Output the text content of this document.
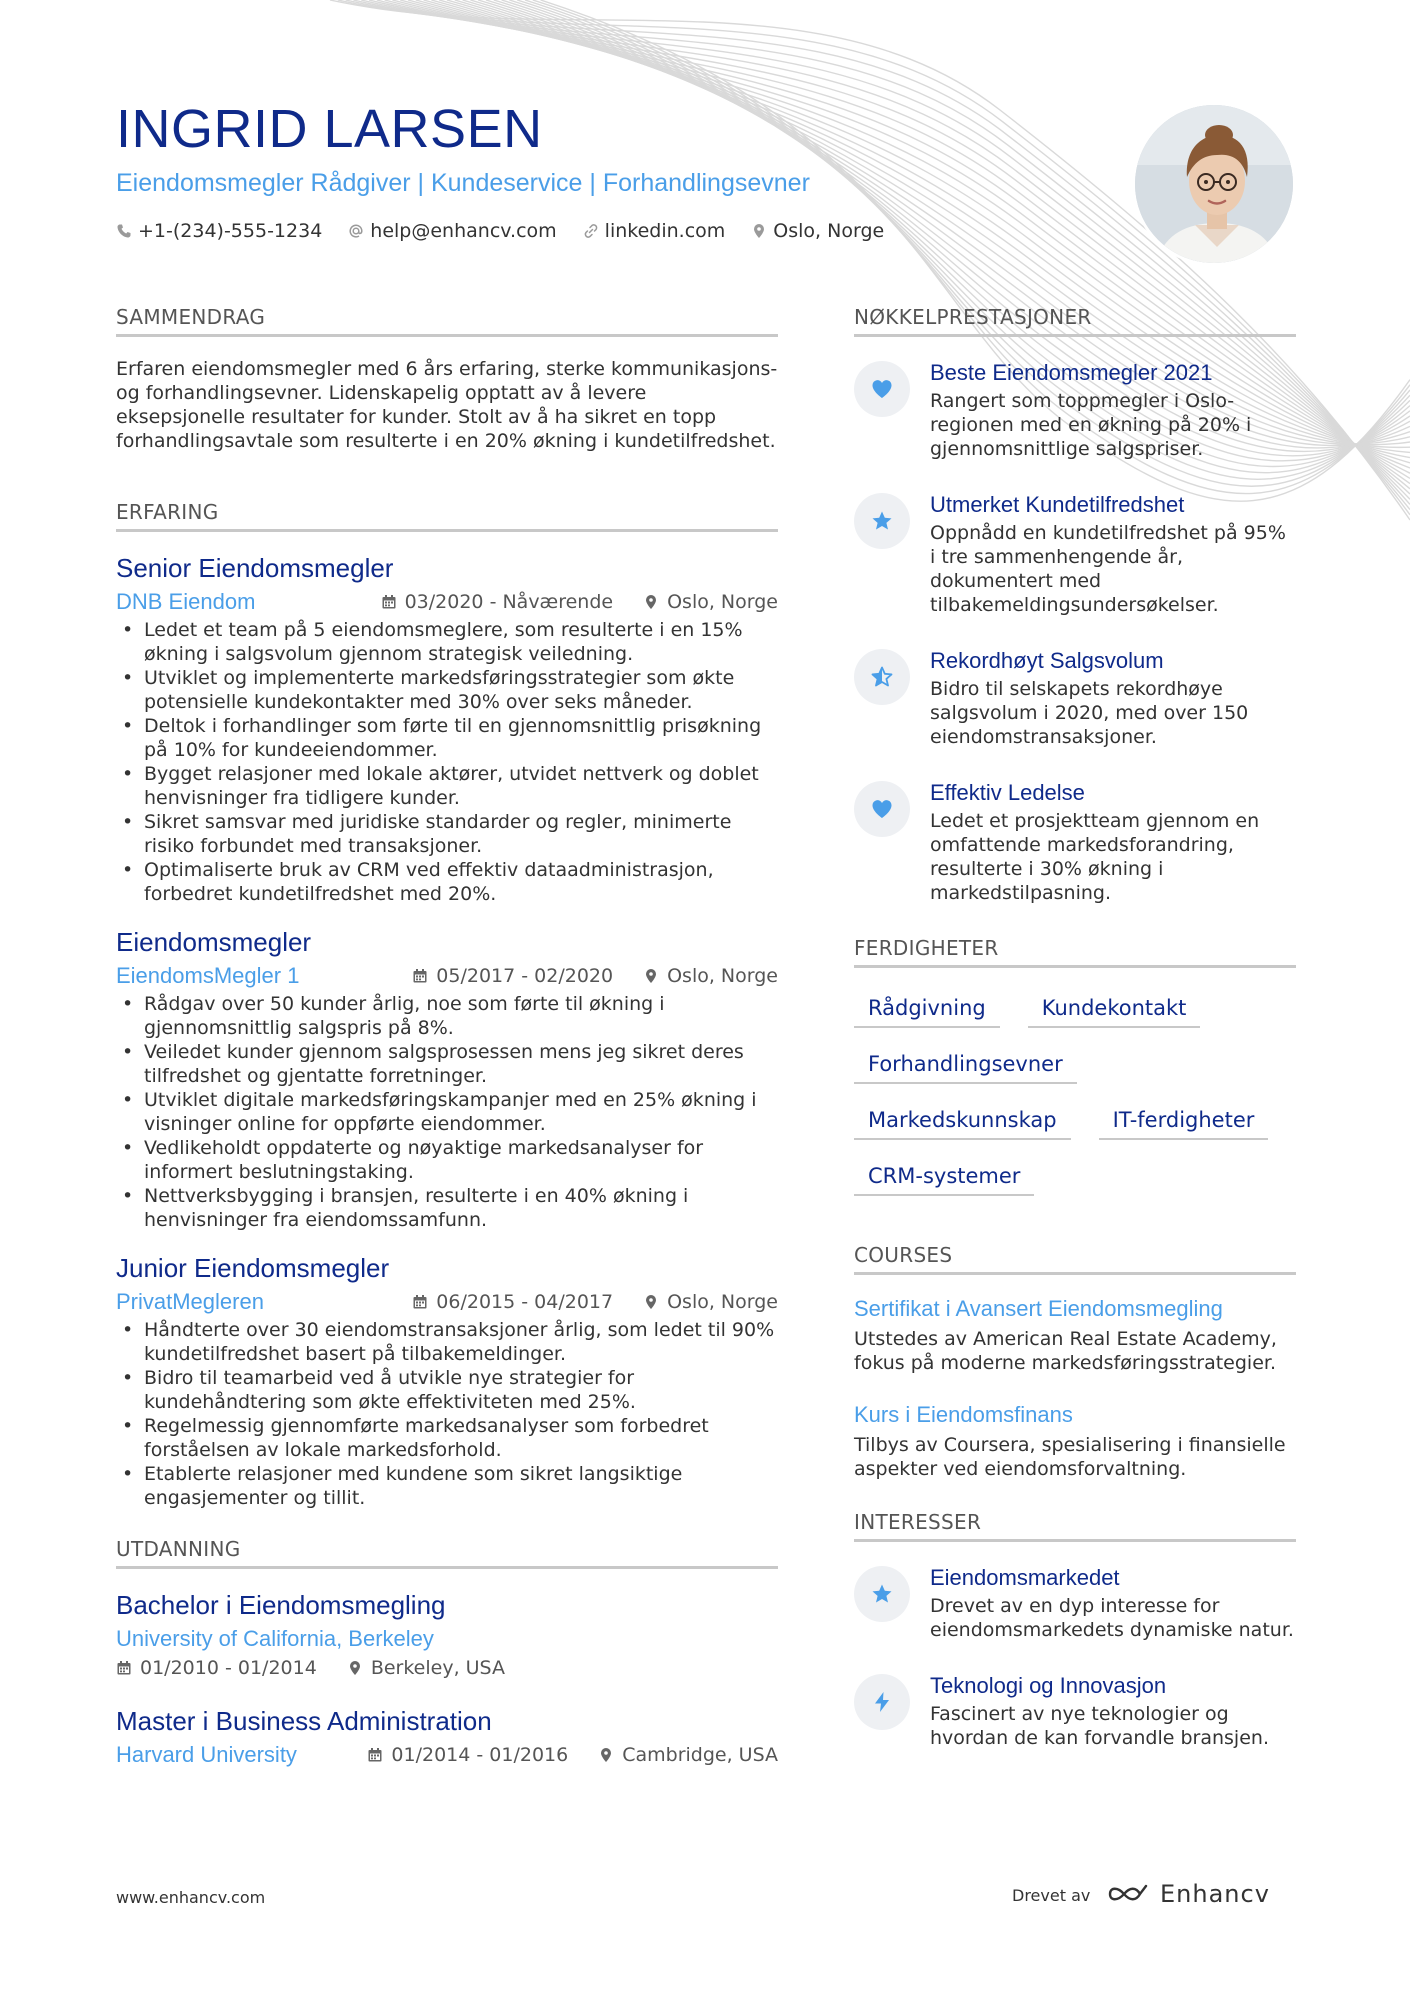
INGRID LARSEN
Eiendomsmegler Rådgiver | Kundeservice | Forhandlingsevner
+1-(234)-555-1234	help@enhancv.com	linkedin.com	Oslo, Norge
SAMMENDRAG

Erfaren eiendomsmegler med 6 års erfaring, sterke kommunikasjons- og forhandlingsevner. Lidenskapelig opptatt av å levere eksepsjonelle resultater for kunder. Stolt av å ha sikret en topp forhandlingsavtale som resulterte i en 20% økning i kundetilfredshet.

ERFARING
Senior Eiendomsmegler
DNB Eiendom	03/2020 - Nåværende	Oslo, Norge
• Ledet et team på 5 eiendomsmeglere, som resulterte i en 15% økning i salgsvolum gjennom strategisk veiledning.
• Utviklet og implementerte markedsføringsstrategier som økte potensielle kundekontakter med 30% over seks måneder.
• Deltok i forhandlinger som førte til en gjennomsnittlig prisøkning på 10% for kundeeiendommer.
• Bygget relasjoner med lokale aktører, utvidet nettverk og doblet henvisninger fra tidligere kunder.
• Sikret samsvar med juridiske standarder og regler, minimerte risiko forbundet med transaksjoner.
• Optimaliserte bruk av CRM ved effektiv dataadministrasjon, forbedret kundetilfredshet med 20%.
Eiendomsmegler
EiendomsMegler 1	05/2017 - 02/2020	Oslo, Norge
• Rådgav over 50 kunder årlig, noe som førte til økning i gjennomsnittlig salgspris på 8%.
• Veiledet kunder gjennom salgsprosessen mens jeg sikret deres tilfredshet og gjentatte forretninger.
• Utviklet digitale markedsføringskampanjer med en 25% økning i visninger online for oppførte eiendommer.
• Vedlikeholdt oppdaterte og nøyaktige markedsanalyser for informert beslutningstaking.
• Nettverksbygging i bransjen, resulterte i en 40% økning i henvisninger fra eiendomssamfunn.
Junior Eiendomsmegler
PrivatMegleren	06/2015 - 04/2017	Oslo, Norge
• Håndterte over 30 eiendomstransaksjoner årlig, som ledet til 90% kundetilfredshet basert på tilbakemeldinger.
• Bidro til teamarbeid ved å utvikle nye strategier for kundehåndtering som økte effektiviteten med 25%.
• Regelmessig gjennomførte markedsanalyser som forbedret forståelsen av lokale markedsforhold.
• Etablerte relasjoner med kundene som sikret langsiktige engasjementer og tillit.
UTDANNING
Bachelor i Eiendomsmegling
University of California, Berkeley
01/2010 - 01/2014	Berkeley, USA
Master i Business Administration
Harvard University	01/2014 - 01/2016	Cambridge, USA
NØKKELPRESTASJONER
Beste Eiendomsmegler 2021
Rangert som toppmegler i Oslo-regionen med en økning på 20% i gjennomsnittlige salgspriser.
Utmerket Kundetilfredshet
Oppnådd en kundetilfredshet på 95% i tre sammenhengende år, dokumentert med tilbakemeldingsundersøkelser.
Rekordhøyt Salgsvolum
Bidro til selskapets rekordhøye salgsvolum i 2020, med over 150 eiendomstransaksjoner.
Effektiv Ledelse
Ledet et prosjektteam gjennom en omfattende markedsforandring, resulterte i 30% økning i markedstilpasning.
FERDIGHETER
Rådgivning	Kundekontakt
Forhandlingsevner
Markedskunnskap	IT-ferdigheter
CRM-systemer
COURSES
Sertifikat i Avansert Eiendomsmegling
Utstedes av American Real Estate Academy, fokus på moderne markedsføringsstrategier.
Kurs i Eiendomsfinans
Tilbys av Coursera, spesialisering i finansielle aspekter ved eiendomsforvaltning.
INTERESSER
Eiendomsmarkedet
Drevet av en dyp interesse for eiendomsmarkedets dynamiske natur.
Teknologi og Innovasjon
Fascinert av nye teknologier og hvordan de kan forvandle bransjen.
www.enhancv.com	Drevet av	Enhancv
